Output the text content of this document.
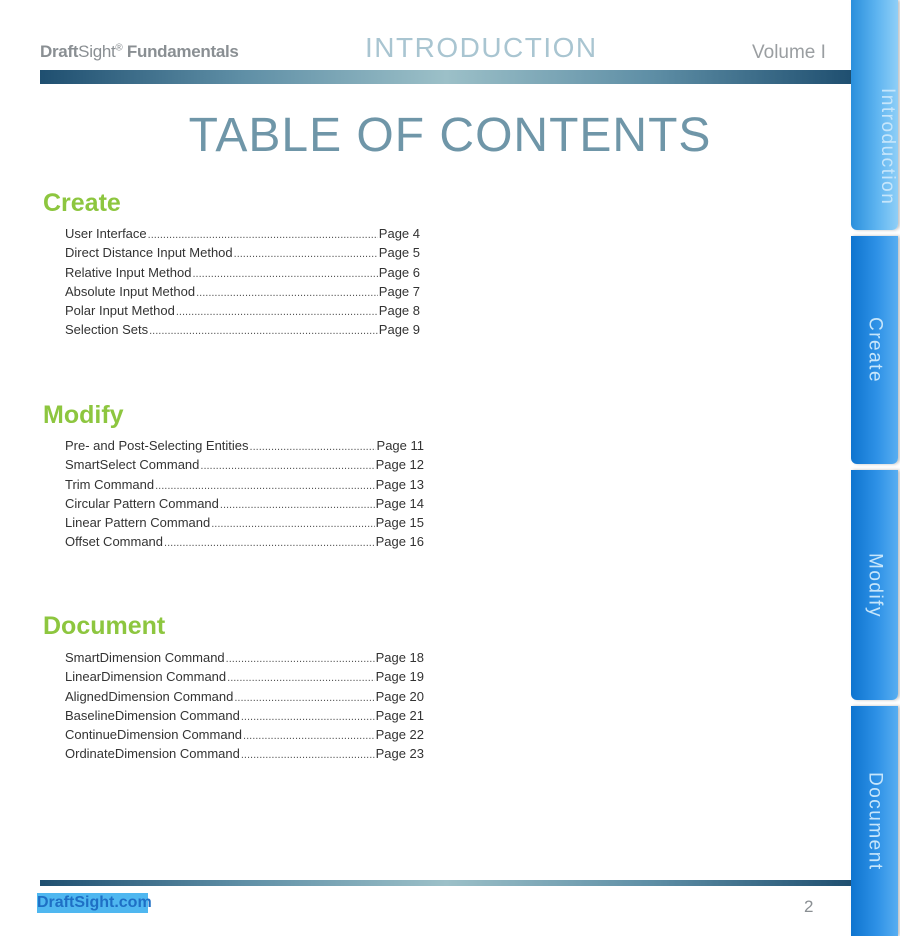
DraftSight® Fundamentals	INTRODUCTION	Volume I
TABLE OF CONTENTS
Create
User Interface .....	Page 4
Direct Distance Input Method .....	Page 5
Relative Input Method .....	Page 6
Absolute Input Method .....	Page 7
Polar Input Method .....	Page 8
Selection Sets .....	Page 9
Modify
Pre- and Post-Selecting Entities .....	Page 11
SmartSelect Command .....	Page 12
Trim Command .....	Page 13
Circular Pattern Command .....	Page 14
Linear Pattern Command .....	Page 15
Offset Command .....	Page 16
Document
SmartDimension Command .....	Page 18
LinearDimension Command .....	Page 19
AlignedDimension Command .....	Page 20
BaselineDimension Command .....	Page 21
ContinueDimension Command .....	Page 22
OrdinateDimension Command .....	Page 23
DraftSight.com	2
Introduction
Create
Modify
Document
